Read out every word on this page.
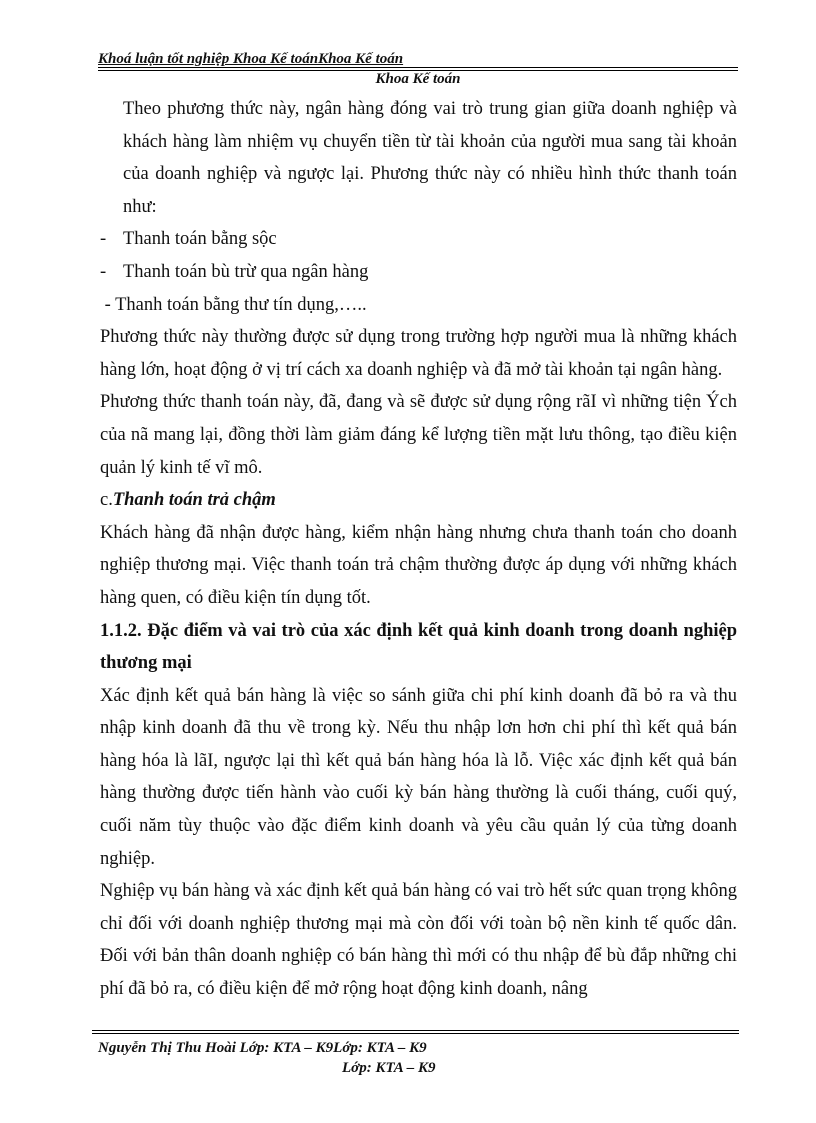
Khoá luận tốt nghiệp Khoa Kế toánKhoa Kế toán
Khoa Kế toán

Theo phương thức này, ngân hàng đóng vai trò trung gian giữa doanh nghiệp và khách hàng làm nhiệm vụ chuyển tiền từ tài khoản của người mua sang tài khoản của doanh nghiệp và ngược lại. Phương thức này có nhiều hình thức thanh toán như:

- Thanh toán bằng sộc
- Thanh toán bù trừ qua ngân hàng

- Thanh toán bằng thư tín dụng,…..

Phương thức này thường được sử dụng trong trường hợp người mua là những khách hàng lớn, hoạt động ở vị trí cách xa doanh nghiệp và đã mở tài khoản tại ngân hàng.

Phương thức thanh toán này, đã, đang và sẽ được sử dụng rộng rãI vì những tiện Ých của nã mang lại, đồng thời làm giảm đáng kể lượng tiền mặt lưu thông, tạo điều kiện quản lý kinh tế vĩ mô.

c.Thanh toán trả chậm

Khách hàng đã nhận được hàng, kiểm nhận hàng nhưng chưa thanh toán cho doanh nghiệp thương mại. Việc thanh toán trả chậm thường được áp dụng với những khách hàng quen, có điều kiện tín dụng tốt.

1.1.2. Đặc điểm và vai trò của xác định kết quả kinh doanh trong doanh nghiệp thương mại

Xác định kết quả bán hàng là việc so sánh giữa chi phí kinh doanh đã bỏ ra và thu nhập kinh doanh đã thu về trong kỳ. Nếu thu nhập lơn hơn chi phí thì kết quả bán hàng hóa là lãI, ngược lại thì kết quả bán hàng hóa là lỗ. Việc xác định kết quả bán hàng thường được tiến hành vào cuối kỳ bán hàng thường là cuối tháng, cuối quý, cuối năm tùy thuộc vào đặc điểm kinh doanh và yêu cầu quản lý của từng doanh nghiệp.

Nghiệp vụ bán hàng và xác định kết quả bán hàng có vai trò hết sức quan trọng không chỉ đối với doanh nghiệp thương mại mà còn đối với toàn bộ nền kinh tế quốc dân. Đối với bản thân doanh nghiệp có bán hàng thì mới có thu nhập để bù đắp những chi phí đã bỏ ra, có điều kiện để mở rộng hoạt động kinh doanh, nâng

Nguyễn Thị Thu Hoài Lớp: KTA – K9Lớp: KTA – K9
Lớp: KTA – K9
